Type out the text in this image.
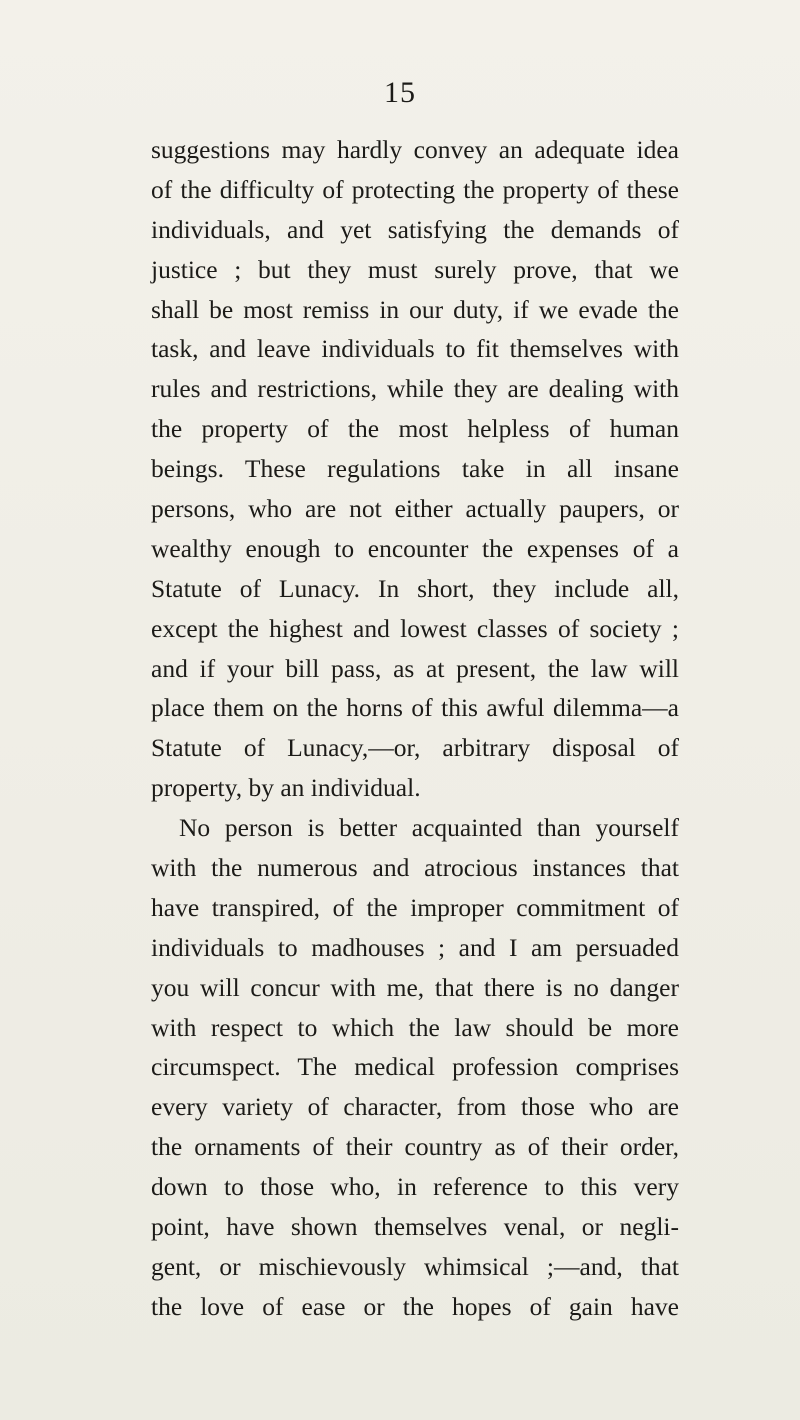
15
suggestions may hardly convey an adequate idea
of the difficulty of protecting the property of these
individuals, and yet satisfying the demands of
justice ; but they must surely prove, that we
shall be most remiss in our duty, if we evade the
task, and leave individuals to fit themselves with
rules and restrictions, while they are dealing with
the property of the most helpless of human
beings. These regulations take in all insane
persons, who are not either actually paupers, or
wealthy enough to encounter the expenses of a
Statute of Lunacy. In short, they include all,
except the highest and lowest classes of society ;
and if your bill pass, as at present, the law will
place them on the horns of this awful dilemma—a
Statute of Lunacy,—or, arbitrary disposal of
property, by an individual.
No person is better acquainted than yourself
with the numerous and atrocious instances that
have transpired, of the improper commitment of
individuals to madhouses ; and I am persuaded
you will concur with me, that there is no danger
with respect to which the law should be more
circumspect. The medical profession comprises
every variety of character, from those who are
the ornaments of their country as of their order,
down to those who, in reference to this very
point, have shown themselves venal, or negli-
gent, or mischievously whimsical ;—and, that
the love of ease or the hopes of gain have
